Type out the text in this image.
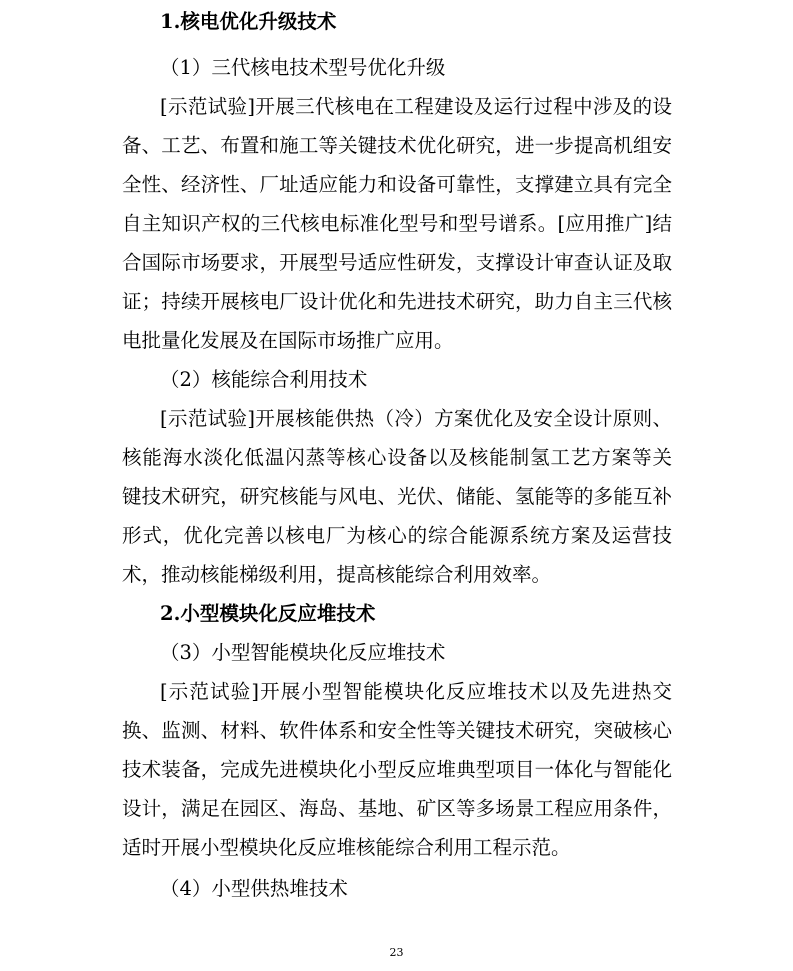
1.核电优化升级技术
（1）三代核电技术型号优化升级
[示范试验]开展三代核电在工程建设及运行过程中涉及的设
备、工艺、布置和施工等关键技术优化研究，进一步提高机组安
全性、经济性、厂址适应能力和设备可靠性，支撑建立具有完全
自主知识产权的三代核电标准化型号和型号谱系。[应用推广]结
合国际市场要求，开展型号适应性研发，支撑设计审查认证及取
证；持续开展核电厂设计优化和先进技术研究，助力自主三代核
电批量化发展及在国际市场推广应用。
（2）核能综合利用技术
[示范试验]开展核能供热（冷）方案优化及安全设计原则、
核能海水淡化低温闪蒸等核心设备以及核能制氢工艺方案等关
键技术研究，研究核能与风电、光伏、储能、氢能等的多能互补
形式，优化完善以核电厂为核心的综合能源系统方案及运营技
术，推动核能梯级利用，提高核能综合利用效率。
2.小型模块化反应堆技术
（3）小型智能模块化反应堆技术
[示范试验]开展小型智能模块化反应堆技术以及先进热交
换、监测、材料、软件体系和安全性等关键技术研究，突破核心
技术装备，完成先进模块化小型反应堆典型项目一体化与智能化
设计，满足在园区、海岛、基地、矿区等多场景工程应用条件，
适时开展小型模块化反应堆核能综合利用工程示范。
（4）小型供热堆技术
23
